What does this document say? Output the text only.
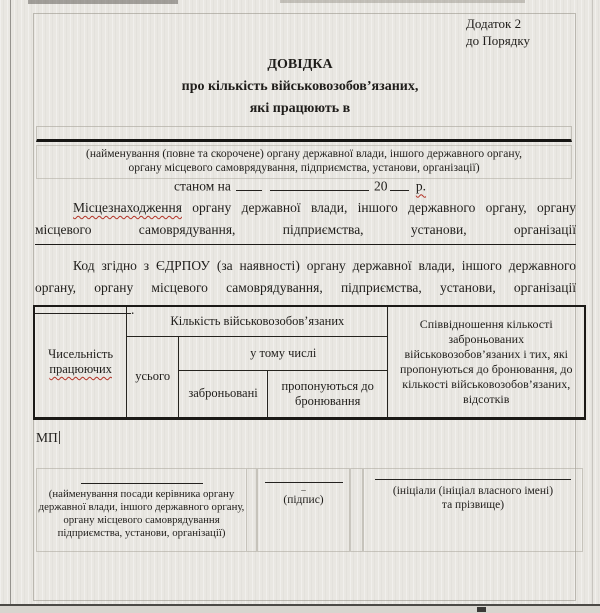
Додаток 2
до Порядку
ДОВІДКА
про кількість військовозобов’язаних,
які працюють в
(найменування (повне та скорочене) органу державної влади, іншого державного органу,
органу місцевого самоврядування, підприємства, установи, організації)
станом на	20 р.
Місцезнаходження органу державної влади, іншого державного органу, органу
місцевого самоврядування, підприємства, установи, організації
Код згідно з ЄДРПОУ (за наявності) органу державної влади, іншого державного
органу, органу місцевого самоврядування, підприємства, установи, організації
.
Чисельність
працюючих	Кількість військовозобов’язаних			Співвідношення кількості заброньованих військовозобов’язаних і тих, які пропонуються до бронювання, до кількості військовозобов’язаних, відсотків
	усього	у тому числі		
		заброньовані	пропонуються до бронювання	
МП
(найменування посади керівника органу державної влади, іншого державного органу, органу місцевого самоврядування підприємства, установи, організації)
–
(підпис)
(ініціали (ініціал власного імені)
та прізвище)
